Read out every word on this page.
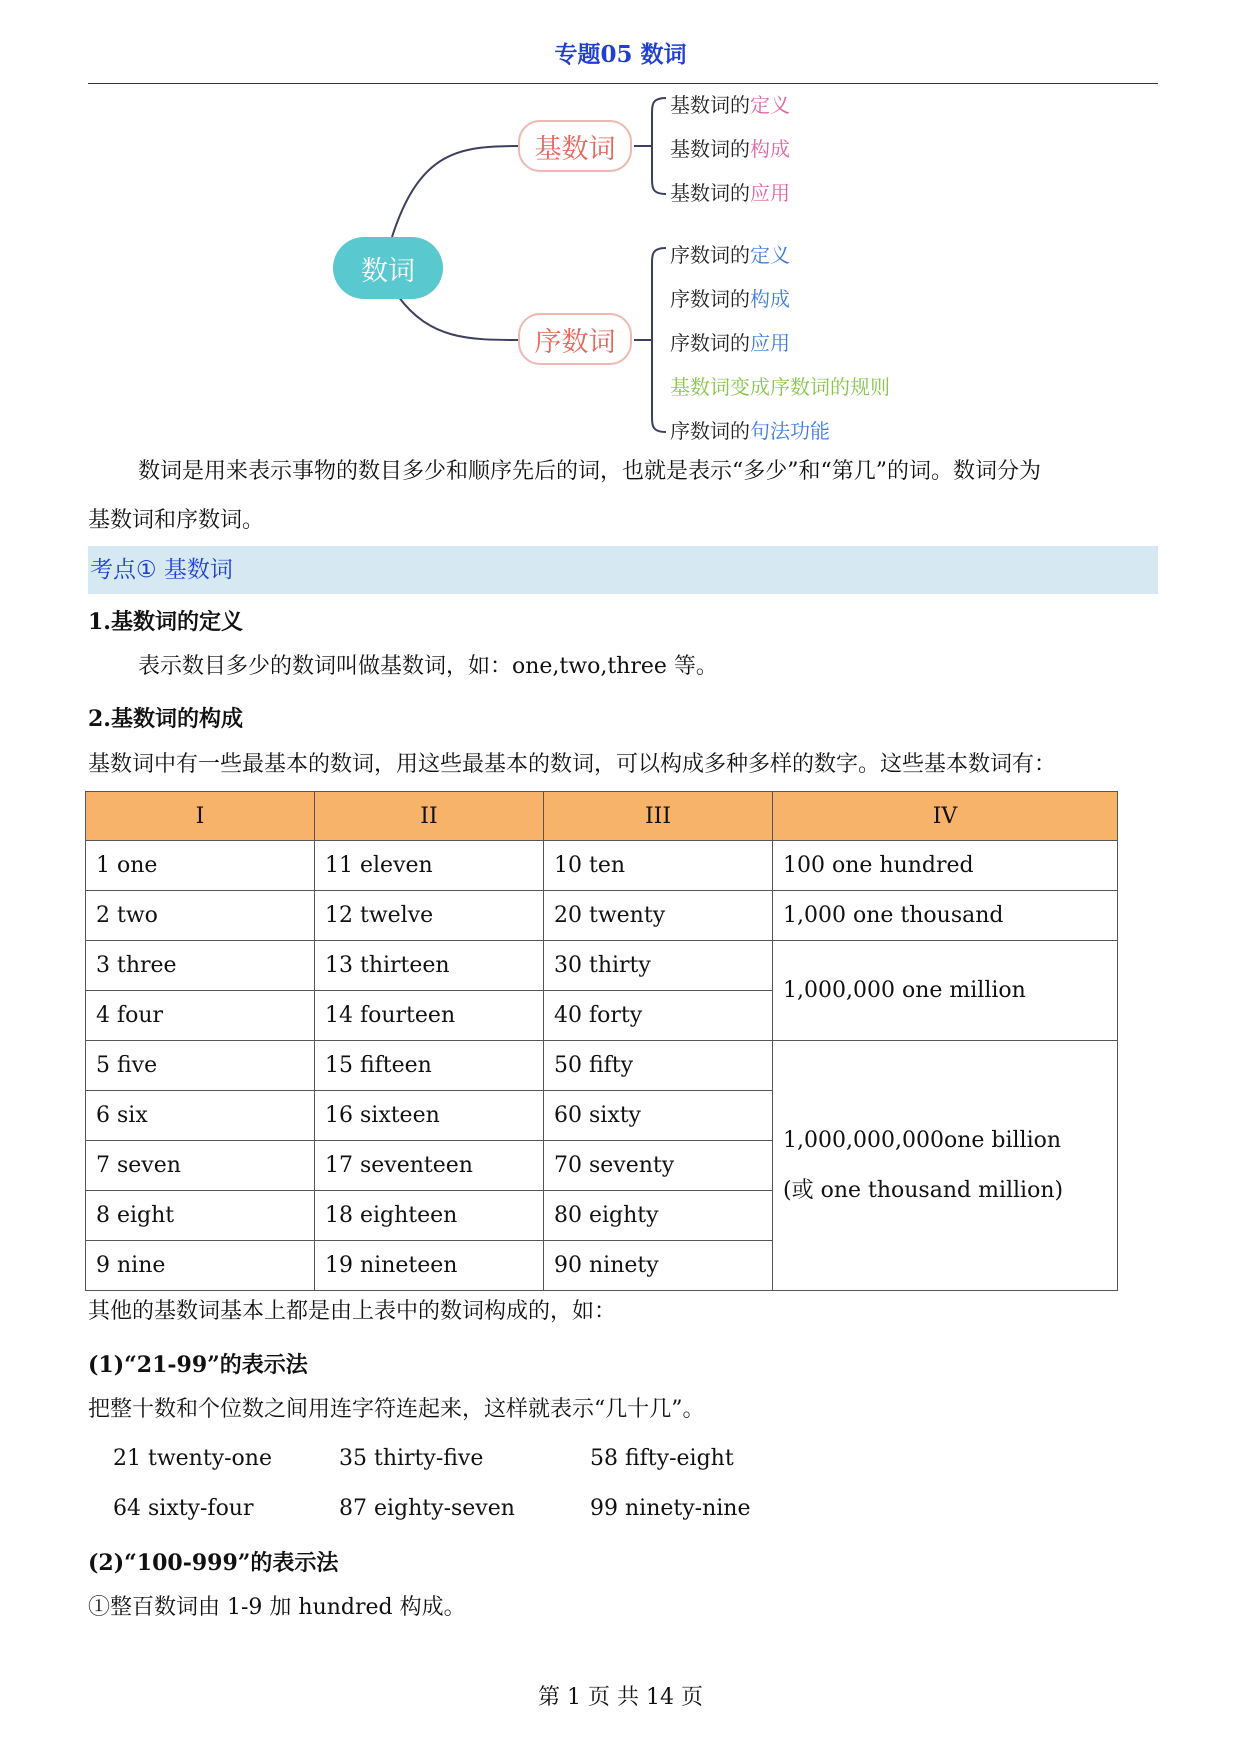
专题05 数词
数词
基数词
序数词
基数词的定义
基数词的构成
基数词的应用
序数词的定义
序数词的构成
序数词的应用
基数词变成序数词的规则
序数词的句法功能
数词是用来表示事物的数目多少和顺序先后的词，也就是表示“多少”和“第几”的词。数词分为
基数词和序数词。
考点① 基数词
1.基数词的定义
表示数目多少的数词叫做基数词，如：one,two,three 等。
2.基数词的构成
基数词中有一些最基本的数词，用这些最基本的数词，可以构成多种多样的数字。这些基本数词有：
I	II	III	IV
1 one	11 eleven	10 ten	100 one hundred
2 two	12 twelve	20 twenty	1,000 one thousand
3 three	13 thirteen	30 thirty	1,000,000 one million
4 four	14 fourteen	40 forty	
5 five	15 fifteen	50 fifty	1,000,000,000one billion
(或 one thousand million)

6 six	16 sixteen	60 sixty	
7 seven	17 seventeen	70 seventy	
8 eight	18 eighteen	80 eighty	
9 nine	19 nineteen	90 ninety	
其他的基数词基本上都是由上表中的数词构成的，如：
(1)“21-99”的表示法
把整十数和个位数之间用连字符连起来，这样就表示“几十几”。
21 twenty-one	35 thirty-five	58 fifty-eight
64 sixty-four	87 eighty-seven	99 ninety-nine
(2)“100-999”的表示法
①整百数词由 1-9 加 hundred 构成。
第 1 页 共 14 页
